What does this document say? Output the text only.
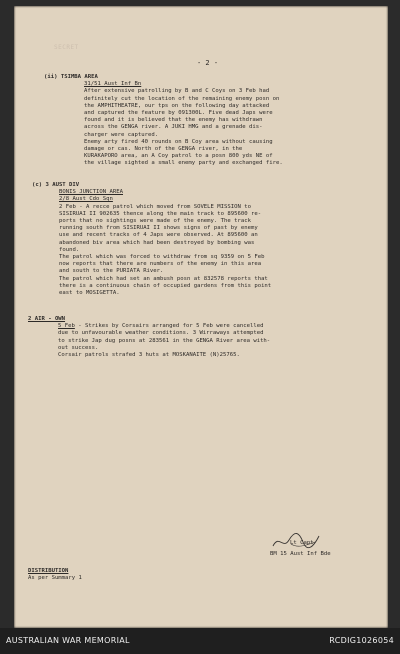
SECRET
- 2 -
(ii) TSIMBA AREA
31/51 Aust Inf Bn
After extensive patrolling by B and C Coys on 3 Feb had
definitely cut the location of the remaining enemy posn on
the AMPHITHEATRE, our tps on the following day attacked
and captured the feature by 091300L. Five dead Japs were
found and it is believed that the enemy has withdrawn
across the GENGA river. A JUKI HMG and a grenade dis-
charger were captured.
Enemy arty fired 40 rounds on B Coy area without causing
damage or cas. North of the GENGA river, in the
KURAKAPORO area, an A Coy patrol to a posn 800 yds NE of
the village sighted a small enemy party and exchanged fire.
(c) 3 AUST DIV
BONIS JUNCTION AREA
2/8 Aust Cdo Sqn
2 Feb - A recce patrol which moved from SOVELE MISSION to
SISIRUAI II 902635 thence along the main track to 895600 re-
ports that no sightings were made of the enemy. The track
running south from SISIRUAI II shows signs of past by enemy
use and recent tracks of 4 Japs were observed. At 895600 an
abandoned biv area which had been destroyed by bombing was
found.
The patrol which was forced to withdraw from sq 9359 on 5 Feb
now reports that there are numbers of the enemy in this area
and south to the PURIATA River.
The patrol which had set an ambush posn at 832578 reports that
there is a continuous chain of occupied gardens from this point
east to MOSIGETTA.
2 AIR - OWN
5 Feb - Strikes by Corsairs arranged for 5 Feb were cancelled
due to unfavourable weather conditions. 3 Wirraways attempted
to strike Jap dug posns at 283561 in the GENGA River area with-
out success.
Corsair patrols strafed 3 huts at MOSKANAITE (N)25765.
Lt Capt
BM 15 Aust Inf Bde
DISTRIBUTION
As per Summary 1
AUSTRALIAN WAR MEMORIAL	RCDIG1026054
